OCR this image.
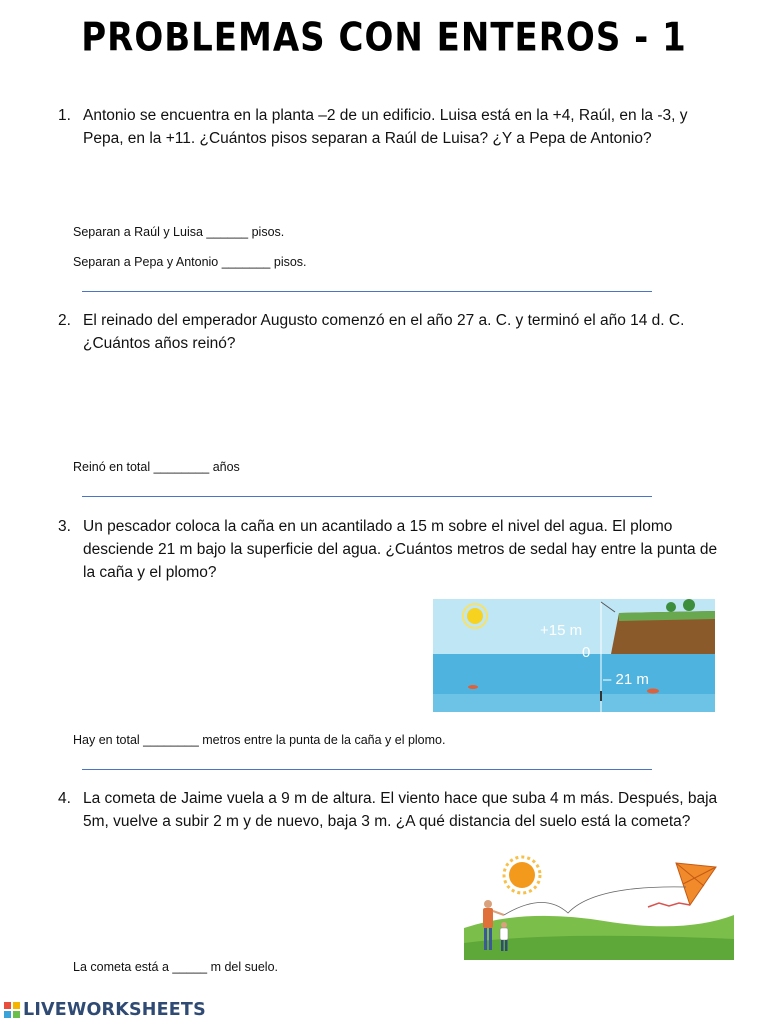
PROBLEMAS CON ENTEROS - 1
1. Antonio se encuentra en la planta –2 de un edificio. Luisa está en la +4, Raúl, en la -3, y Pepa, en la +11. ¿Cuántos pisos separan a Raúl de Luisa? ¿Y a Pepa de Antonio?
Separan a Raúl y Luisa ______ pisos.
Separan a Pepa y Antonio _______ pisos.
2. El reinado del emperador Augusto comenzó en el año 27 a. C. y terminó el año 14 d. C. ¿Cuántos años reinó?
Reinó en total ________ años
3. Un pescador coloca la caña en un acantilado a 15 m sobre el nivel del agua. El plomo desciende 21 m bajo la superficie del agua. ¿Cuántos metros de sedal hay entre la punta de la caña y el plomo?
+15 m
0
– 21 m
Hay en total ________ metros entre la punta de la caña y el plomo.
4. La cometa de Jaime vuela a 9 m de altura. El viento hace que suba 4 m más. Después, baja 5m, vuelve a subir 2 m y de nuevo, baja 3 m. ¿A qué distancia del suelo está la cometa?
La cometa está a _____ m del suelo.
LIVEWORKSHEETS
